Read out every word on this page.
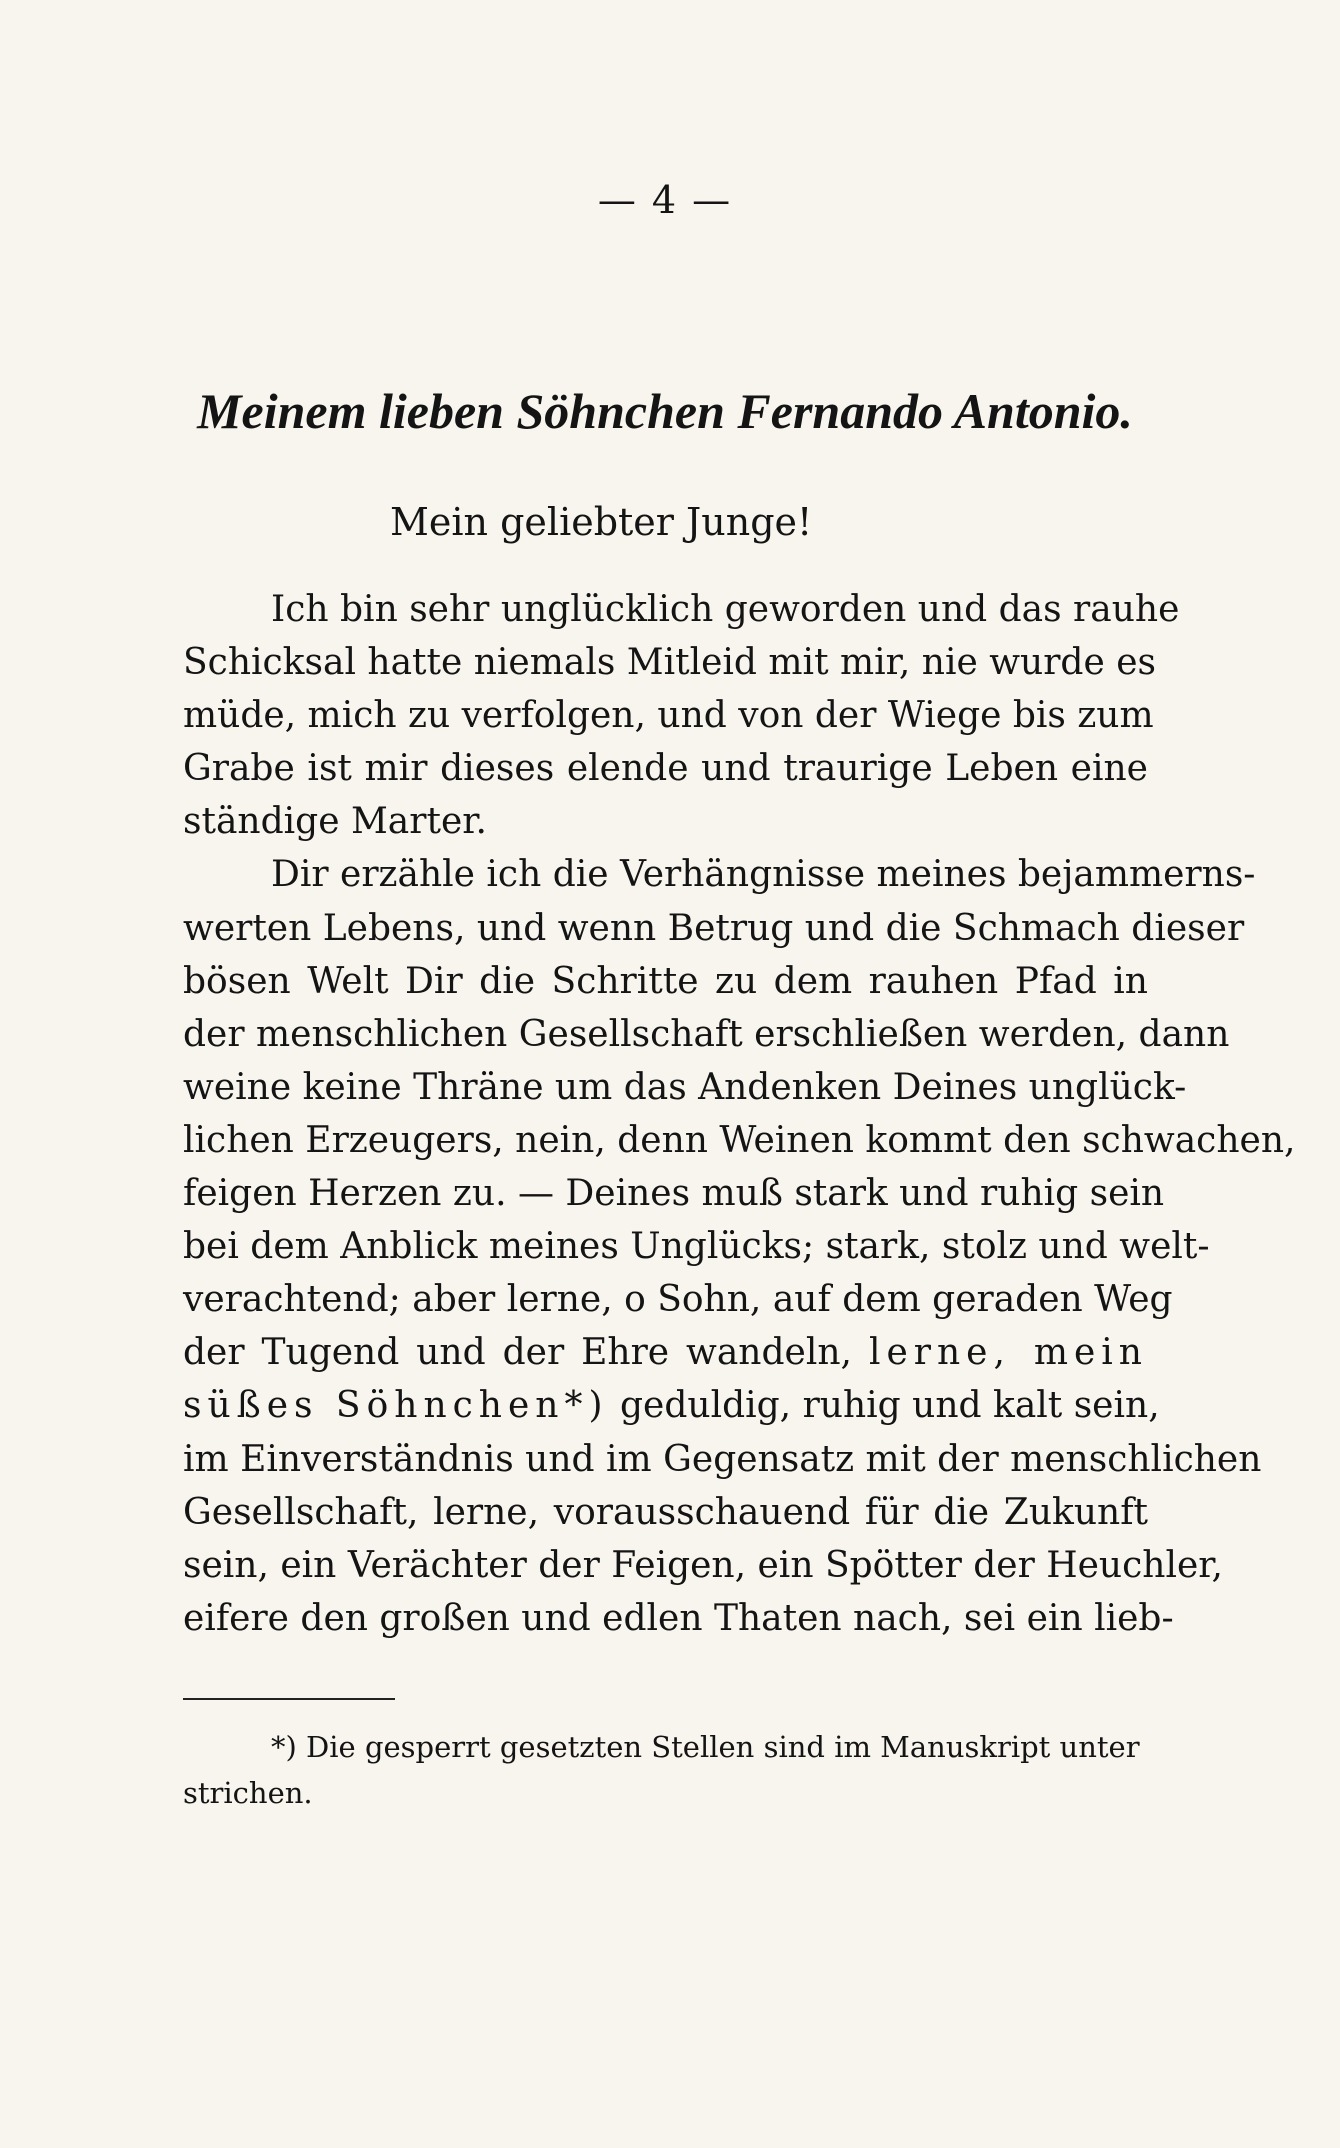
— 4 —
Meinem lieben Söhnchen Fernando Antonio.
Mein geliebter Junge!
Ich bin sehr unglücklich geworden und das rauhe
Schicksal hatte niemals Mitleid mit mir, nie wurde es
müde, mich zu verfolgen, und von der Wiege bis zum
Grabe ist mir dieses elende und traurige Leben eine
ständige Marter.
Dir erzähle ich die Verhängnisse meines bejammerns-
werten Lebens, und wenn Betrug und die Schmach dieser
bösen Welt Dir die Schritte zu dem rauhen Pfad in
der menschlichen Gesellschaft erschließen werden, dann
weine keine Thräne um das Andenken Deines unglück-
lichen Erzeugers, nein, denn Weinen kommt den schwachen,
feigen Herzen zu. — Deines muß stark und ruhig sein
bei dem Anblick meines Unglücks; stark, stolz und welt-
verachtend; aber lerne, o Sohn, auf dem geraden Weg
der Tugend und der Ehre wandeln, lerne, mein
süßes Söhnchen*) geduldig, ruhig und kalt sein,
im Einverständnis und im Gegensatz mit der menschlichen
Gesellschaft, lerne, vorausschauend für die Zukunft
sein, ein Verächter der Feigen, ein Spötter der Heuchler,
eifere den großen und edlen Thaten nach, sei ein lieb-
*) Die gesperrt gesetzten Stellen sind im Manuskript unter
strichen.
